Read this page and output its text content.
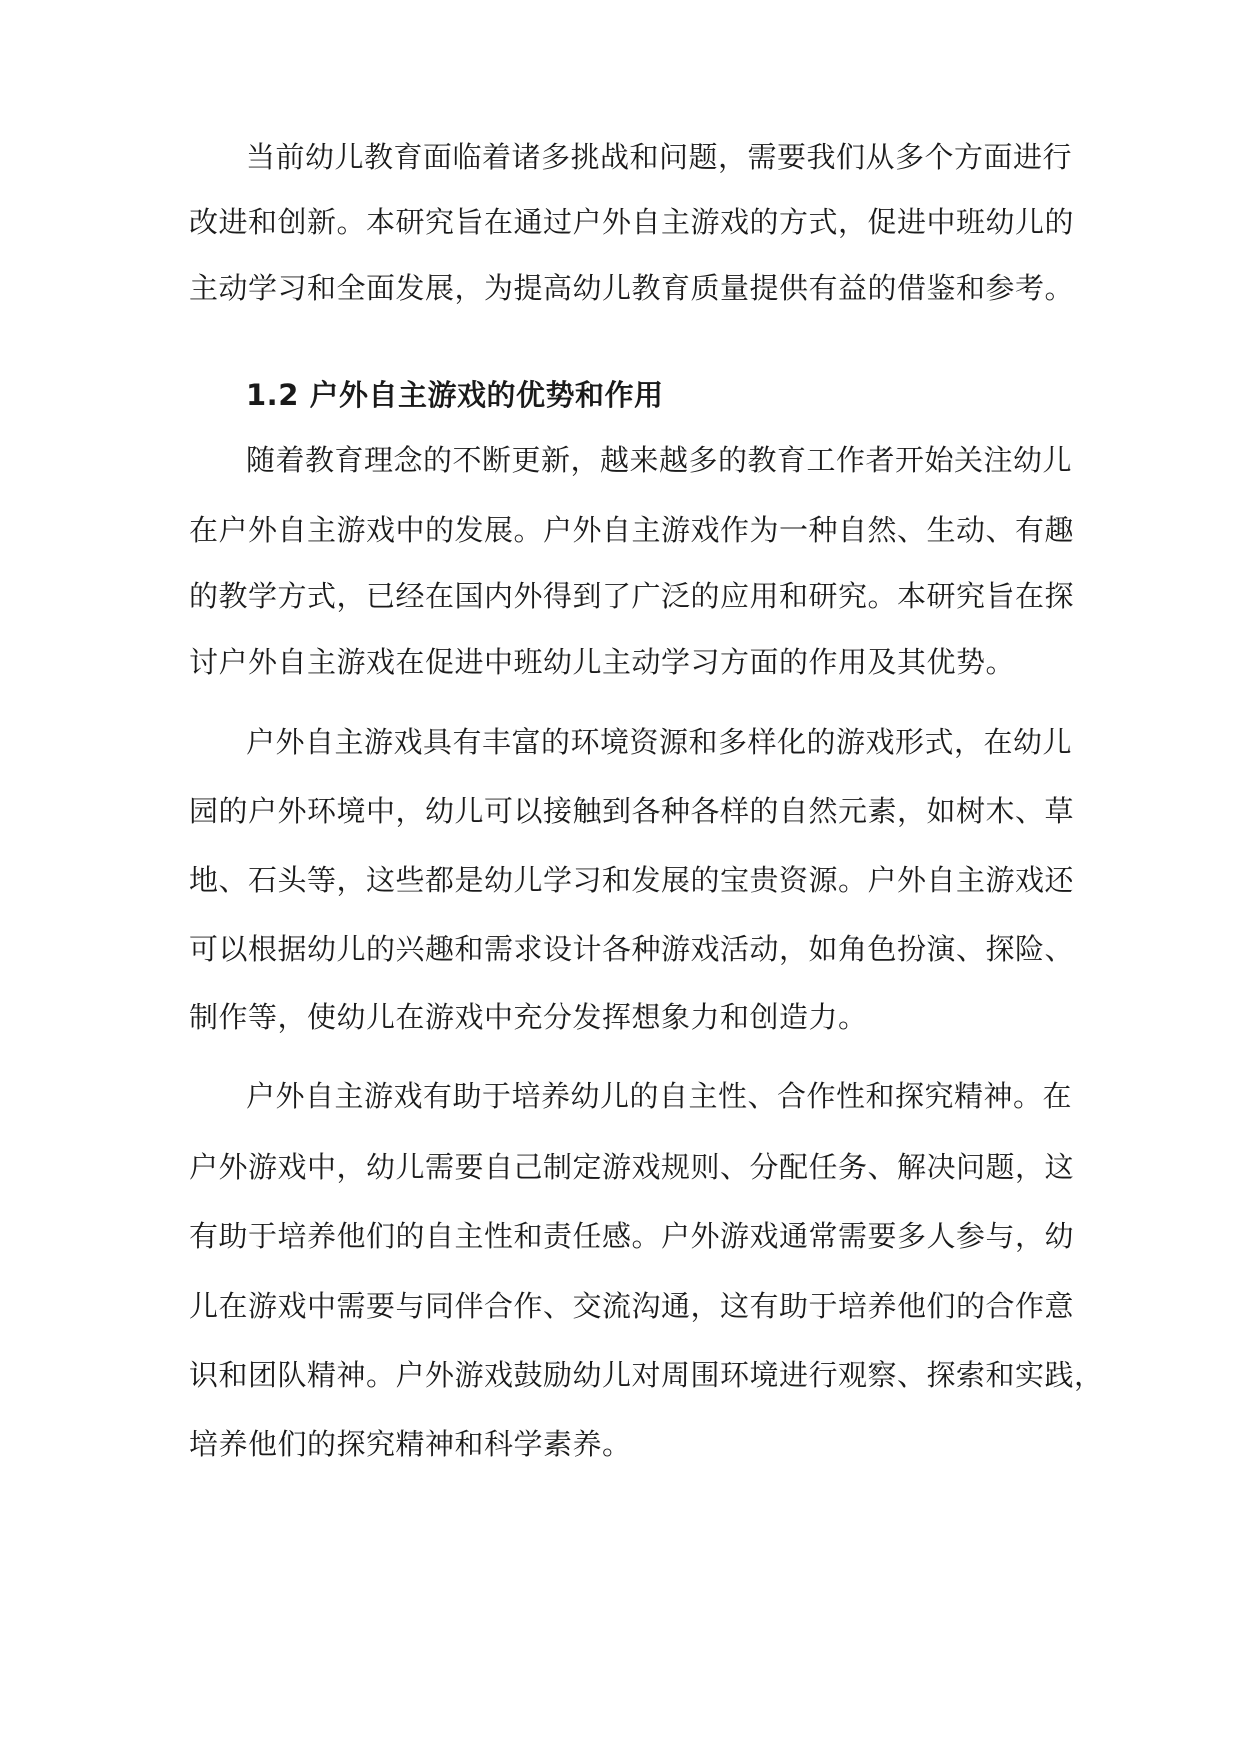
当前幼儿教育面临着诸多挑战和问题，需要我们从多个方面进行
改进和创新。本研究旨在通过户外自主游戏的方式，促进中班幼儿的
主动学习和全面发展，为提高幼儿教育质量提供有益的借鉴和参考。
1.2 户外自主游戏的优势和作用
随着教育理念的不断更新，越来越多的教育工作者开始关注幼儿
在户外自主游戏中的发展。户外自主游戏作为一种自然、生动、有趣
的教学方式，已经在国内外得到了广泛的应用和研究。本研究旨在探
讨户外自主游戏在促进中班幼儿主动学习方面的作用及其优势。
户外自主游戏具有丰富的环境资源和多样化的游戏形式，在幼儿
园的户外环境中，幼儿可以接触到各种各样的自然元素，如树木、草
地、石头等，这些都是幼儿学习和发展的宝贵资源。户外自主游戏还
可以根据幼儿的兴趣和需求设计各种游戏活动，如角色扮演、探险、
制作等，使幼儿在游戏中充分发挥想象力和创造力。
户外自主游戏有助于培养幼儿的自主性、合作性和探究精神。在
户外游戏中，幼儿需要自己制定游戏规则、分配任务、解决问题，这
有助于培养他们的自主性和责任感。户外游戏通常需要多人参与，幼
儿在游戏中需要与同伴合作、交流沟通，这有助于培养他们的合作意
识和团队精神。户外游戏鼓励幼儿对周围环境进行观察、探索和实践，
培养他们的探究精神和科学素养。
